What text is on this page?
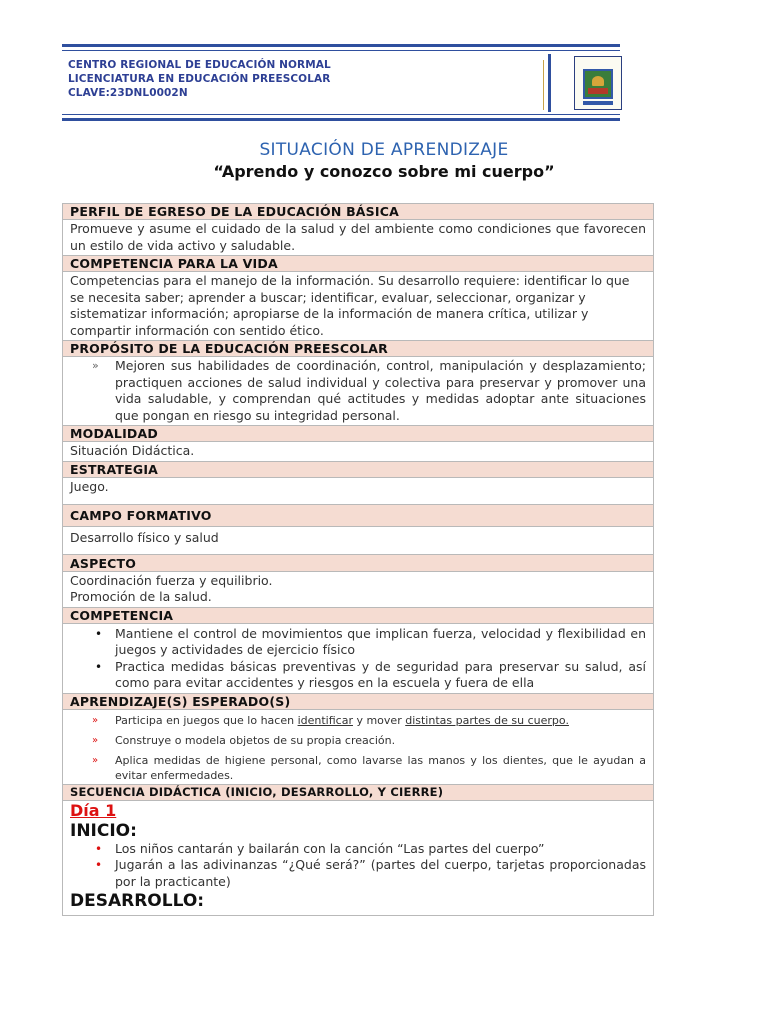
CENTRO REGIONAL DE EDUCACIÓN NORMAL
LICENCIATURA EN EDUCACIÓN PREESCOLAR
CLAVE:23DNL0002N
SITUACIÓN DE APRENDIZAJE
“Aprendo y conozco sobre mi cuerpo”
PERFIL DE EGRESO DE LA EDUCACIÓN BÁSICA
Promueve y asume el cuidado de la salud y del ambiente como condiciones que favorecen un estilo de vida activo y saludable.
COMPETENCIA PARA LA VIDA
Competencias para el manejo de la información. Su desarrollo requiere: identificar lo que se necesita saber; aprender a buscar; identificar, evaluar, seleccionar, organizar y sistematizar información; apropiarse de la información de manera crítica, utilizar y compartir información con sentido ético.
PROPÓSITO DE LA EDUCACIÓN PREESCOLAR
» Mejoren sus habilidades de coordinación, control, manipulación y desplazamiento; practiquen acciones de salud individual y colectiva para preservar y promover una vida saludable, y comprendan qué actitudes y medidas adoptar ante situaciones que pongan en riesgo su integridad personal.
MODALIDAD
Situación Didáctica.
ESTRATEGIA
Juego.
CAMPO FORMATIVO
Desarrollo físico y salud
ASPECTO
Coordinación fuerza y equilibrio.
Promoción de la salud.
COMPETENCIA
• Mantiene el control de movimientos que implican fuerza, velocidad y flexibilidad en juegos y actividades de ejercicio físico
• Practica medidas básicas preventivas y de seguridad para preservar su salud, así como para evitar accidentes y riesgos en la escuela y fuera de ella
APRENDIZAJE(S) ESPERADO(S)
» Participa en juegos que lo hacen identificar y mover distintas partes de su cuerpo.
» Construye o modela objetos de su propia creación.
» Aplica medidas de higiene personal, como lavarse las manos y los dientes, que le ayudan a evitar enfermedades.
SECUENCIA DIDÁCTICA (INICIO, DESARROLLO, Y CIERRE)
Día 1
INICIO:
• Los niños cantarán y bailarán con la canción “Las partes del cuerpo”
• Jugarán a las adivinanzas “¿Qué será?” (partes del cuerpo, tarjetas proporcionadas por la practicante)
DESARROLLO:
